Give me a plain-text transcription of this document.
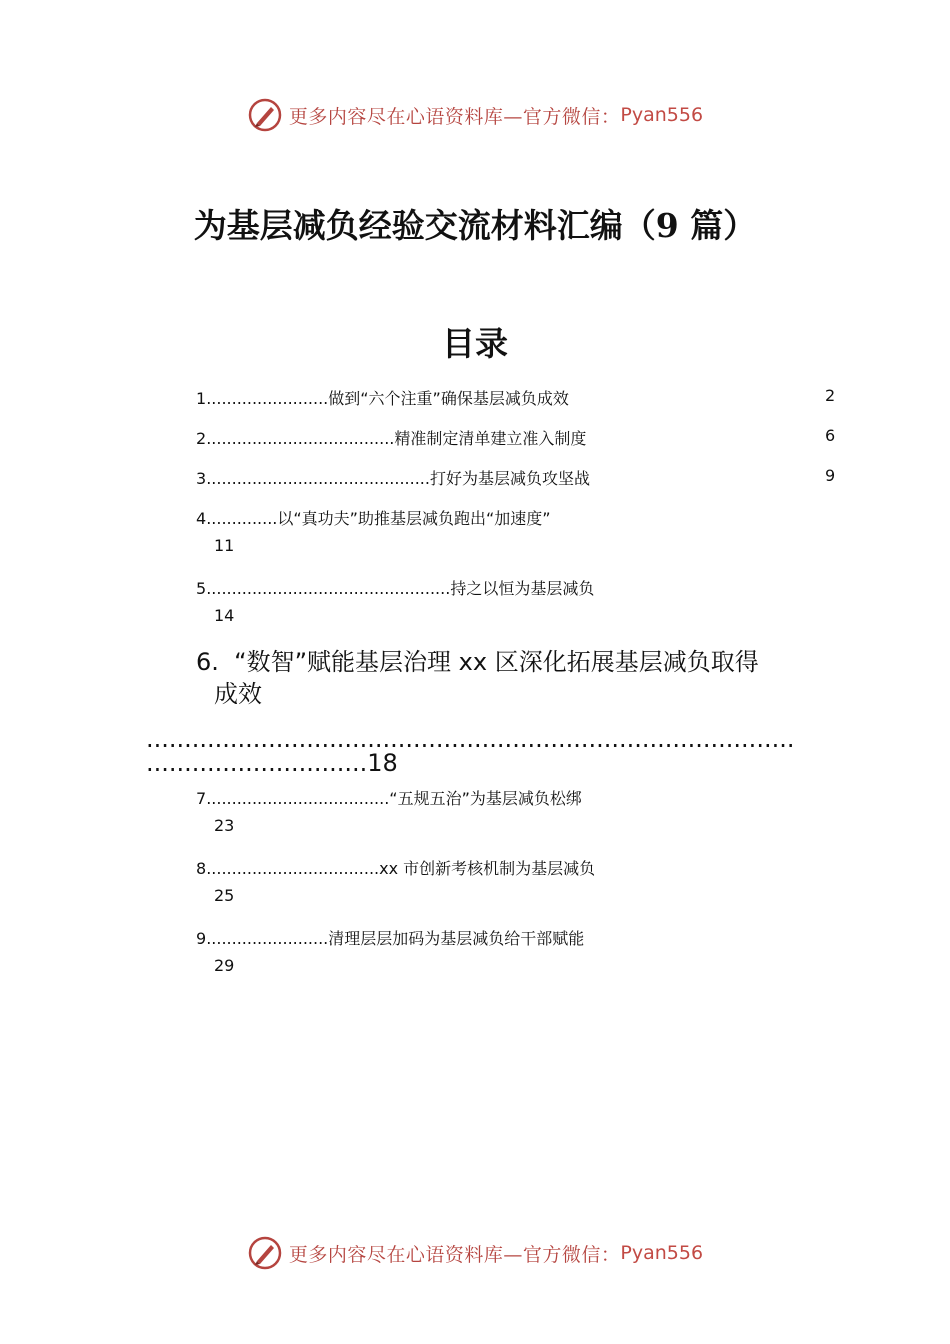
更多内容尽在心语资料库—官方微信： Pyan556
为基层减负经验交流材料汇编（9 篇）
目录
1........................做到“六个注重”确保基层减负成效	2
2.....................................精准制定清单建立准入制度	6
3............................................打好为基层减负攻坚战	9
4..............以“真功夫”助推基层减负跑出“加速度”
11
5................................................持之以恒为基层减负
14
6. “数智”赋能基层治理 xx 区深化拓展基层减负取得
成效
.....................................................................................
.............................18
7....................................“五规五治”为基层减负松绑
23
8..................................xx 市创新考核机制为基层减负
25
9........................清理层层加码为基层减负给干部赋能
29
更多内容尽在心语资料库—官方微信： Pyan556
